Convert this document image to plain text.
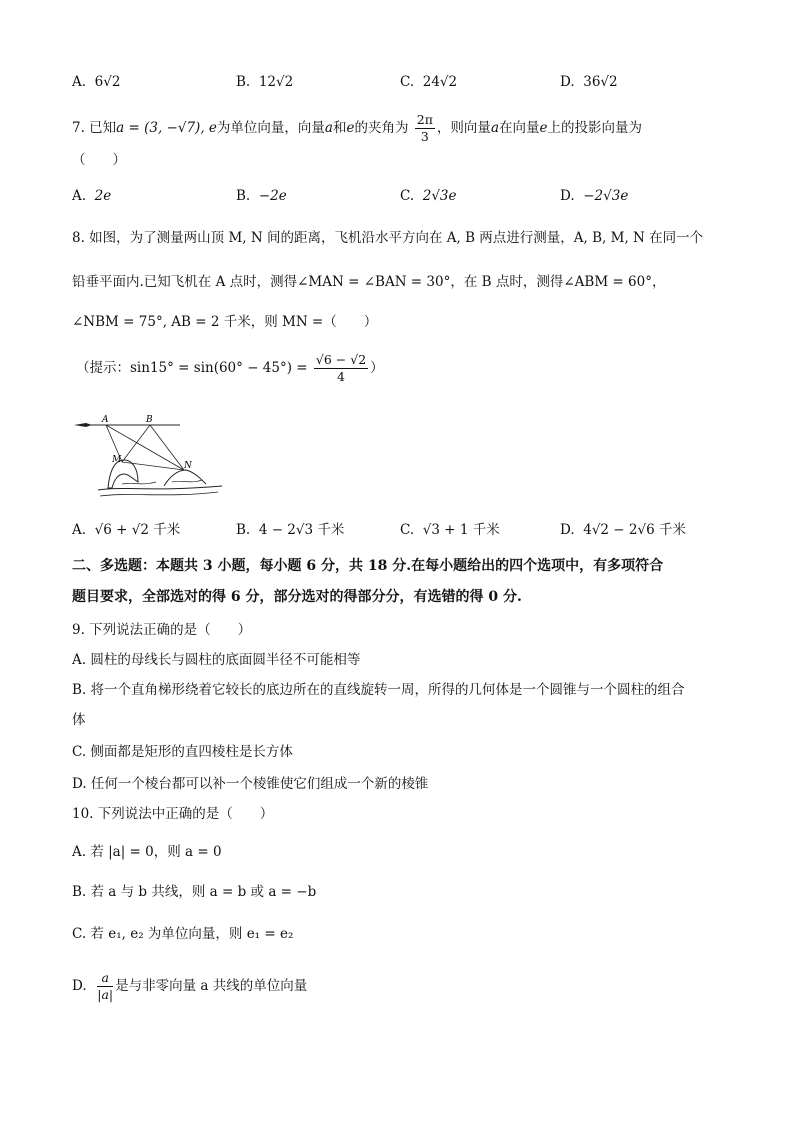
A. 6√2	B. 12√2	C. 24√2	D. 36√2
7. 已知a = (3, −√7), e为单位向量，向量a和e的夹角为 $\frac{2\pi}{3}$ ，则向量a在向量e上的投影向量为
（　　）
A. 2e	B. −2e	C. 2√3e	D. −2√3e
8. 如图，为了测量两山顶 M, N 间的距离，飞机沿水平方向在 A, B 两点进行测量，A, B, M, N 在同一个
铅垂平面内.已知飞机在 A 点时，测得∠MAN = ∠BAN = 30°，在 B 点时，测得∠ABM = 60°，
∠NBM = 75°, AB = 2 千米，则 MN =（　　）
（提示：$\sin 15^\circ = \sin(60^\circ - 45^\circ) = \frac{√6 - √2}{4}$ ）
A	B
M
N
A. √6 + √2 千米	B. 4 − 2√3 千米	C. √3 + 1 千米	D. 4√2 − 2√6 千米
二、多选题：本题共 3 小题，每小题 6 分，共 18 分.在每小题给出的四个选项中，有多项符合
题目要求，全部选对的得 6 分，部分选对的得部分分，有选错的得 0 分.
9. 下列说法正确的是（　　）
A. 圆柱的母线长与圆柱的底面圆半径不可能相等
B. 将一个直角梯形绕着它较长的底边所在的直线旋转一周，所得的几何体是一个圆锥与一个圆柱的组合
体
C. 侧面都是矩形的直四棱柱是长方体
D. 任何一个棱台都可以补一个棱锥使它们组成一个新的棱锥
10. 下列说法中正确的是（　　）
A. 若 |a| = 0，则 a = 0
B. 若 a 与 b 共线，则 a = b 或 a = −b
C. 若 e₁, e₂ 为单位向量，则 e₁ = e₂
D. $\frac{a}{|a|}$ 是与非零向量 a 共线的单位向量
